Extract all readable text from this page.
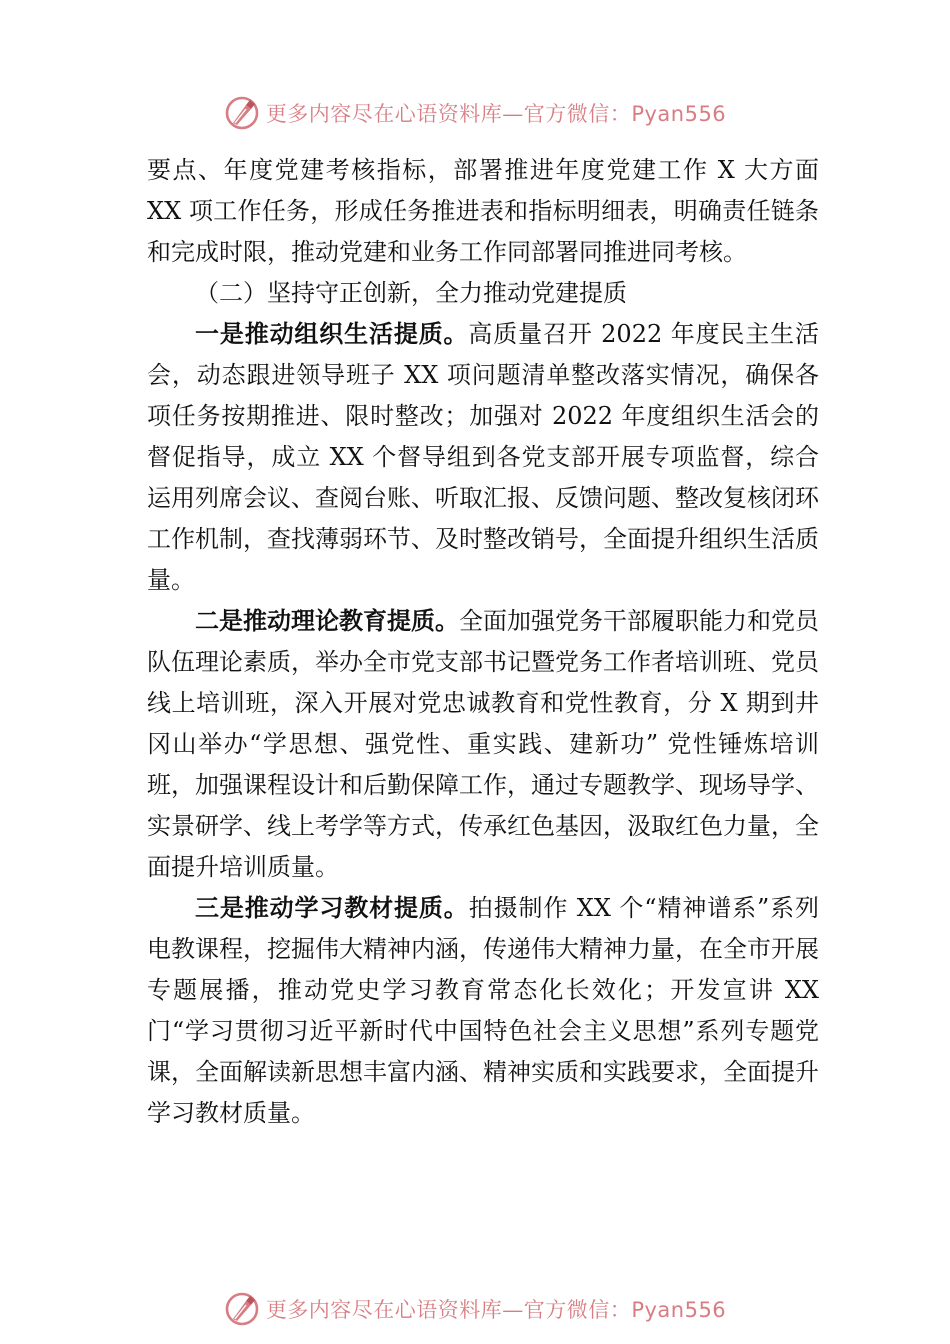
更多内容尽在心语资料库—官方微信：Pyan556

要点、年度党建考核指标，部署推进年度党建工作 X 大方面 XX 项工作任务，形成任务推进表和指标明细表，明确责任链条和完成时限，推动党建和业务工作同部署同推进同考核。

（二）坚持守正创新，全力推动党建提质

一是推动组织生活提质。高质量召开 2022 年度民主生活会，动态跟进领导班子 XX 项问题清单整改落实情况，确保各项任务按期推进、限时整改；加强对 2022 年度组织生活会的督促指导，成立 XX 个督导组到各党支部开展专项监督，综合运用列席会议、查阅台账、听取汇报、反馈问题、整改复核闭环工作机制，查找薄弱环节、及时整改销号，全面提升组织生活质量。

二是推动理论教育提质。全面加强党务干部履职能力和党员队伍理论素质，举办全市党支部书记暨党务工作者培训班、党员线上培训班，深入开展对党忠诚教育和党性教育，分 X 期到井冈山举办“学思想、强党性、重实践、建新功” 党性锤炼培训班，加强课程设计和后勤保障工作，通过专题教学、现场导学、实景研学、线上考学等方式，传承红色基因，汲取红色力量，全面提升培训质量。

三是推动学习教材提质。拍摄制作 XX 个“精神谱系”系列电教课程，挖掘伟大精神内涵，传递伟大精神力量，在全市开展专题展播，推动党史学习教育常态化长效化；开发宣讲 XX 门“学习贯彻习近平新时代中国特色社会主义思想”系列专题党课，全面解读新思想丰富内涵、精神实质和实践要求，全面提升学习教材质量。

更多内容尽在心语资料库—官方微信：Pyan556
